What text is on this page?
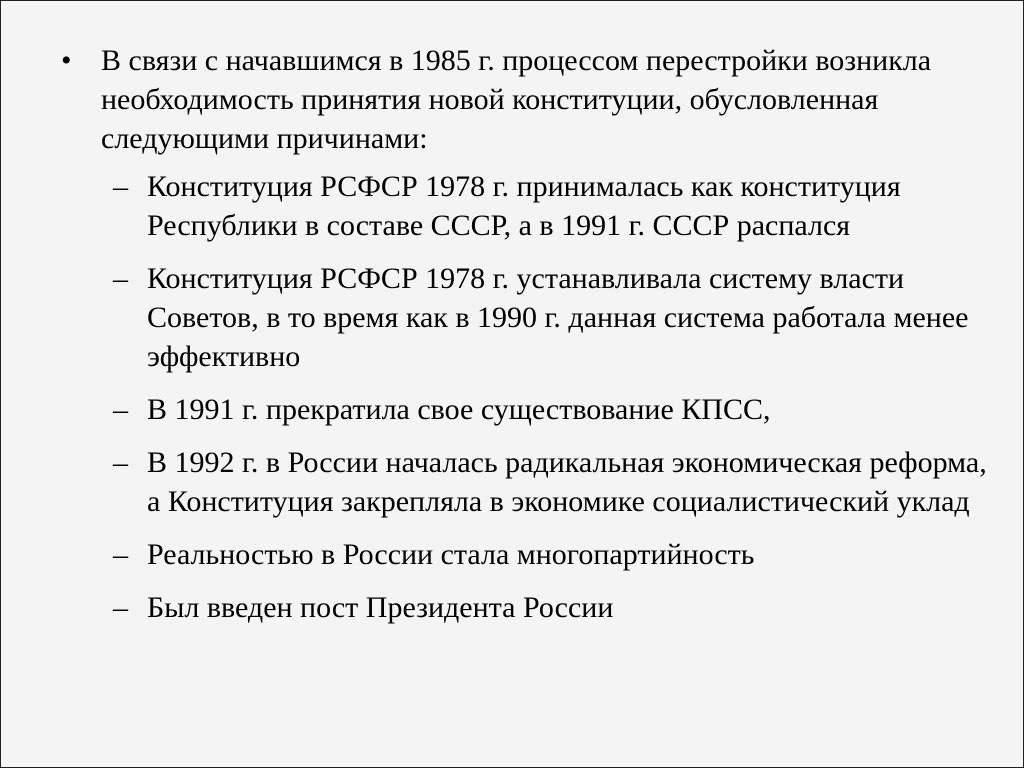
• В связи с начавшимся в 1985 г. процессом перестройки возникла необходимость принятия новой конституции, обусловленная следующими причинами:
– Конституция РСФСР 1978 г. принималась как конституция Республики в составе СССР, а в 1991 г. СССР распался
– Конституция РСФСР 1978 г. устанавливала систему власти Советов, в то время как в 1990 г. данная система работала менее эффективно
– В 1991 г. прекратила свое существование КПСС,
– В 1992 г. в России началась радикальная экономическая реформа, а Конституция закрепляла в экономике социалистический уклад
– Реальностью в России стала многопартийность
– Был введен пост Президента России
